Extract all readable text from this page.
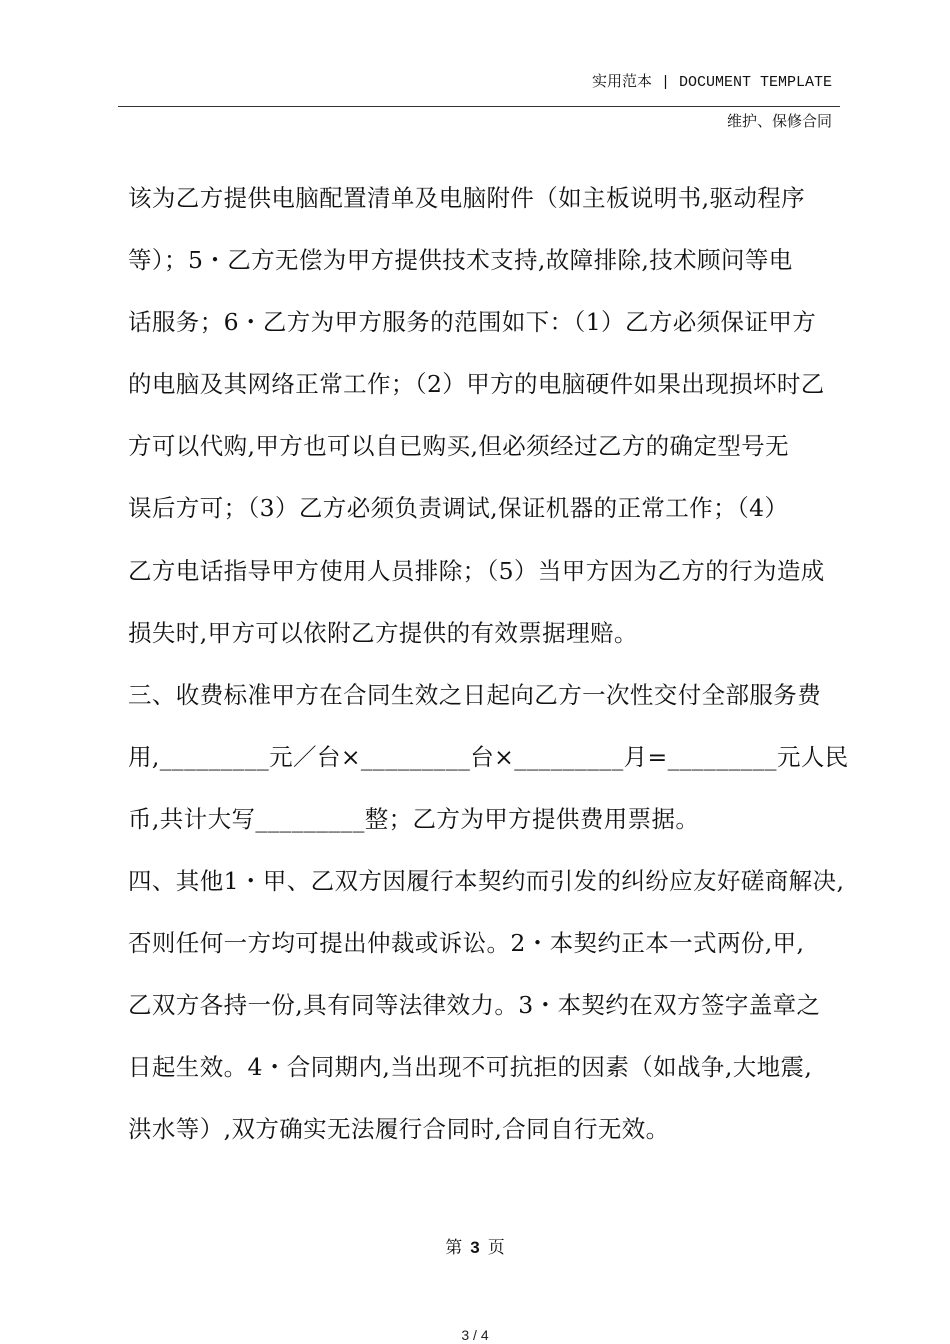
实用范本 | DOCUMENT TEMPLATE
维护、保修合同
该为乙方提供电脑配置清单及电脑附件（如主板说明书,驱动程序
等）；5・乙方无偿为甲方提供技术支持,故障排除,技术顾问等电
话服务；6・乙方为甲方服务的范围如下：（1）乙方必须保证甲方
的电脑及其网络正常工作；（2）甲方的电脑硬件如果出现损坏时乙
方可以代购,甲方也可以自已购买,但必须经过乙方的确定型号无
误后方可；（3）乙方必须负责调试,保证机器的正常工作；（4）
乙方电话指导甲方使用人员排除；（5）当甲方因为乙方的行为造成
损失时,甲方可以依附乙方提供的有效票据理赔。
三、收费标准甲方在合同生效之日起向乙方一次性交付全部服务费
用,_________元／台×_________台×_________月=_________元人民
币,共计大写_________整；乙方为甲方提供费用票据。
四、其他1・甲、乙双方因履行本契约而引发的纠纷应友好磋商解决,
否则任何一方均可提出仲裁或诉讼。2・本契约正本一式两份,甲,
乙双方各持一份,具有同等法律效力。3・本契约在双方签字盖章之
日起生效。4・合同期内,当出现不可抗拒的因素（如战争,大地震,
洪水等）,双方确实无法履行合同时,合同自行无效。
第 3 页
3 / 4
